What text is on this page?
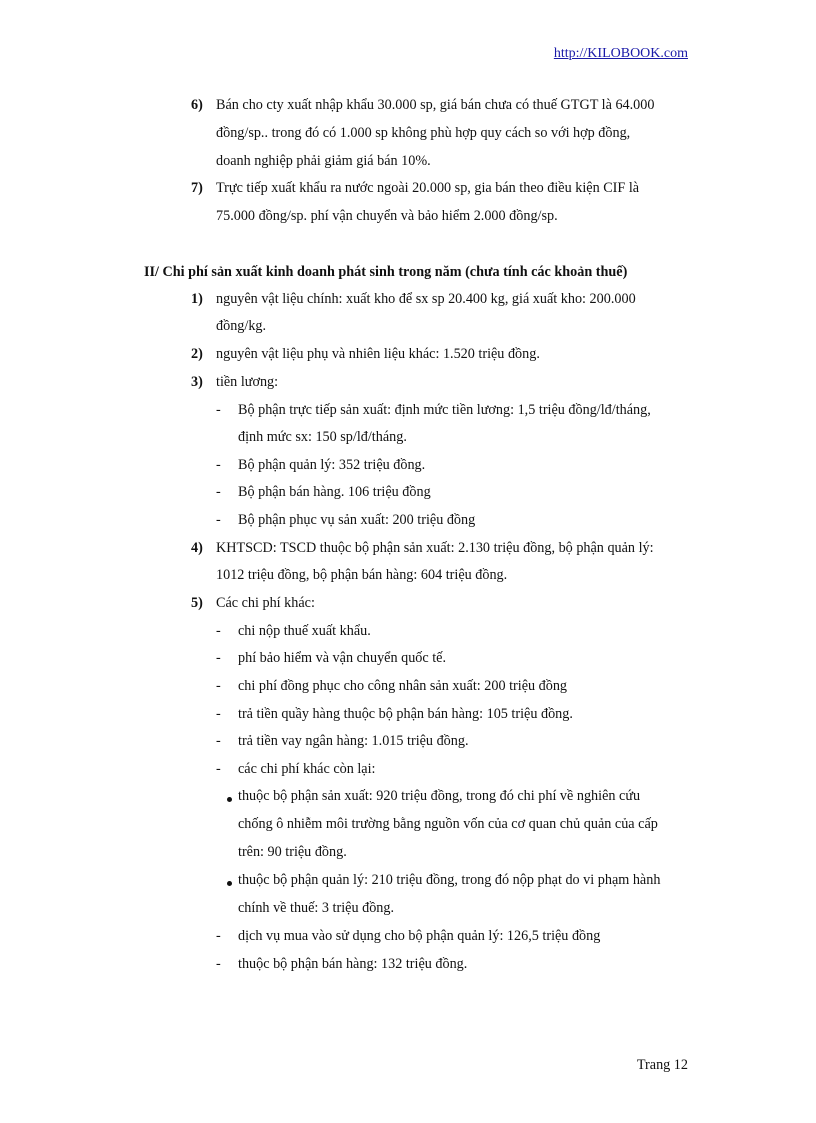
http://KILOBOOK.com
6) Bán cho cty xuất nhập khẩu 30.000 sp, giá bán chưa có thuế GTGT là 64.000
đồng/sp.. trong đó có 1.000 sp không phù hợp quy cách so với hợp đồng,
doanh nghiệp phải giảm giá bán 10%.
7) Trực tiếp xuất khẩu ra nước ngoài 20.000 sp, gia bán theo điều kiện CIF là
75.000 đồng/sp. phí vận chuyển và bảo hiểm 2.000 đồng/sp.
II/ Chi phí sản xuất kinh doanh phát sinh trong năm (chưa tính các khoản thuế)
1) nguyên vật liệu chính: xuất kho để sx sp 20.400 kg, giá xuất kho: 200.000
đồng/kg.
2) nguyên vật liệu phụ và nhiên liệu khác: 1.520 triệu đồng.
3) tiền lương:
- Bộ phận trực tiếp sản xuất: định mức tiền lương: 1,5 triệu đồng/lđ/tháng,
định mức sx: 150 sp/lđ/tháng.
- Bộ phận quản lý: 352 triệu đồng.
- Bộ phận bán hàng. 106 triệu đồng
- Bộ phận phục vụ sản xuất: 200 triệu đồng
4) KHTSCD: TSCD thuộc bộ phận sản xuất: 2.130 triệu đồng, bộ phận quản lý:
1012 triệu đồng, bộ phận bán hàng: 604 triệu đồng.
5) Các chi phí khác:
- chi nộp thuế xuất khẩu.
- phí bảo hiểm và vận chuyển quốc tế.
- chi phí đồng phục cho công nhân sản xuất: 200 triệu đồng
- trả tiền quầy hàng thuộc bộ phận bán hàng: 105 triệu đồng.
- trả tiền vay ngân hàng: 1.015 triệu đồng.
- các chi phí khác còn lại:
thuộc bộ phận sản xuất: 920 triệu đồng, trong đó chi phí về nghiên cứu
chống ô nhiễm môi trường bằng nguồn vốn của cơ quan chủ quản của cấp
trên: 90 triệu đồng.
thuộc bộ phận quản lý: 210 triệu đồng, trong đó nộp phạt do vi phạm hành
chính về thuế: 3 triệu đồng.
- dịch vụ mua vào sử dụng cho bộ phận quản lý: 126,5 triệu đồng
- thuộc bộ phận bán hàng: 132 triệu đồng.
Trang 12
